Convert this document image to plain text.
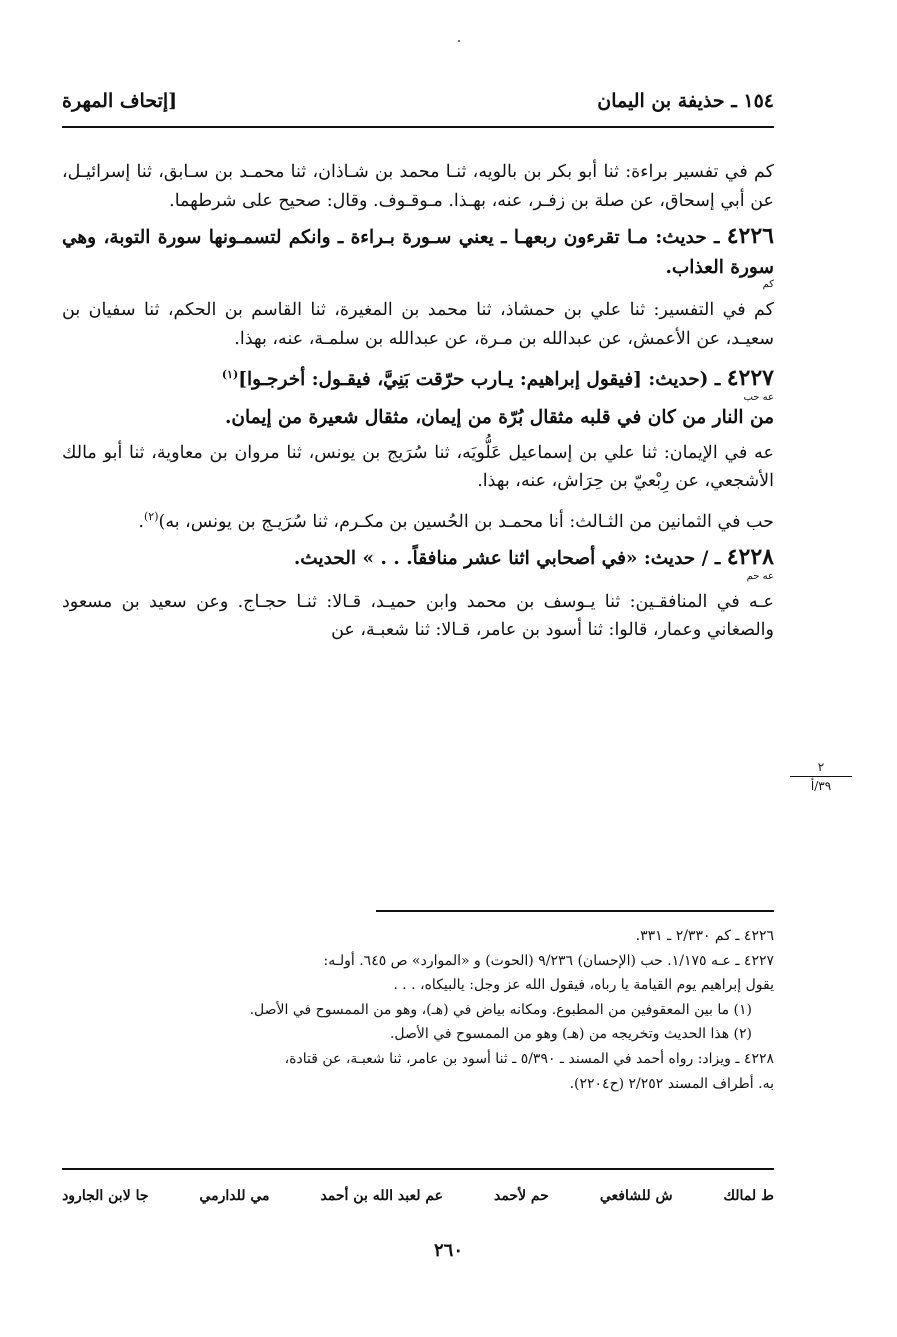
١٥٤ ـ حذيفة بن اليمان
[إتحاف المهرة

كم في تفسير براءة: ثنا أبو بكر بن بالويه، ثنـا محمد بن شـاذان، ثنا محمـد بن سـابق، ثنا إسرائيـل، عن أبي إسحاق، عن صلة بن زفـر، عنه، بهـذا. مـوقـوف. وقال: صحيح على شرطهما.

٤٢٢٦ ـ حديث: مـا تقرءون ربعهـا ـ يعني سـورة بـراءة ـ وانكم لتسمـونها سورة التوبة، وهي سورة العذاب.
كم

كم في التفسير: ثنا علي بن حمشاذ، ثنا محمد بن المغيرة، ثنا القاسم بن الحكم، ثنا سفيان بن سعيـد، عن الأعمش، عن عبدالله بن مـرة، عن عبدالله بن سلمـة، عنه، بهذا.

٤٢٢٧ ـ (حديث: [فيقول إبراهيم: يـارب حرّقت بَنِيَّ، فيقـول: أخرجـوا]$^{(١)}$
عه حب
من النار من كان في قلبه مثقال بُرّة من إيمان، مثقال شعيرة من إيمان.

عه في الإيمان: ثنا علي بن إسماعيل عَلُّويَه، ثنا سُرَيج بن يونس، ثنا مروان بن معاوية، ثنا أبو مالك الأشجعي، عن رِبْعيّ بن حِرَاش، عنه، بهذا.

حب في الثمانين من الثـالث: أنا محمـد بن الحُسين بن مكـرم، ثنا سُرَيـج بن يونس، به)$^{(٢)}$.

٤٢٢٨ ـ / حديث: «في أصحابي اثنا عشر منافقاً. . . » الحديث.
عه حم

عـه في المنافقـين: ثنا يـوسف بن محمد وابن حميـد، قـالا: ثنـا حجـاج. وعن سعيد بن مسعود والصغاني وعمار، قالوا: ثنا أسود بن عامر، قـالا: ثنا شعبـة، عن

٢
٣٩/أ

٤٢٢٦ ـ كم ٢/٣٣٠ ـ ٣٣١.

٤٢٢٧ ـ عـه ١/١٧٥. حب (الإحسان) ٩/٢٣٦ (الحوت) و «الموارد» ص ٦٤٥. أولـه:

يقول إبراهيم يوم القيامة يا رباه، فيقول الله عز وجل: يالبيكاه، . . .

(١) ما بين المعقوفين من المطبوع. ومكانه بياض في (هـ)، وهو من الممسوح في الأصل.

(٢) هذا الحديث وتخريجه من (هـ) وهو من الممسوح في الأصل.

٤٢٢٨ ـ ويزاد: رواه أحمد في المسند ـ ٥/٣٩٠ ـ ثنا أسود بن عامر، ثنا شعبـة، عن قتادة،

به. أطراف المسند ٢/٢٥٢ (ح٢٢٠٤).

ط لمالك
ش للشافعي
حم لأحمد
عم لعبد الله بن أحمد
مي للدارمي
جا لابن الجارود
٢٦٠
